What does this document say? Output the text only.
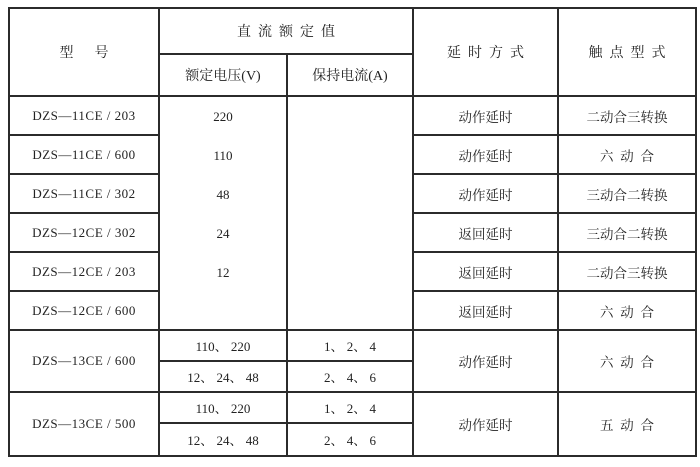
型      号	直  流  额  定  值		延  时  方  式	触  点  型  式
	额定电压(V)	保持电流(A)		
DZS—11CE / 203	220		动作延时	二动合三转换
DZS—11CE / 600	110		动作延时	六  动  合
DZS—11CE / 302	48		动作延时	三动合二转换
DZS—12CE / 302	24		返回延时	三动合二转换
DZS—12CE / 203	12		返回延时	二动合三转换
DZS—12CE / 600			返回延时	六  动  合
DZS—13CE / 600	110、 220	1、 2、 4	动作延时	六  动  合
	12、 24、 48	2、 4、 6		
DZS—13CE / 500	110、 220	1、 2、 4	动作延时	五  动  合
	12、 24、 48	2、 4、 6		
